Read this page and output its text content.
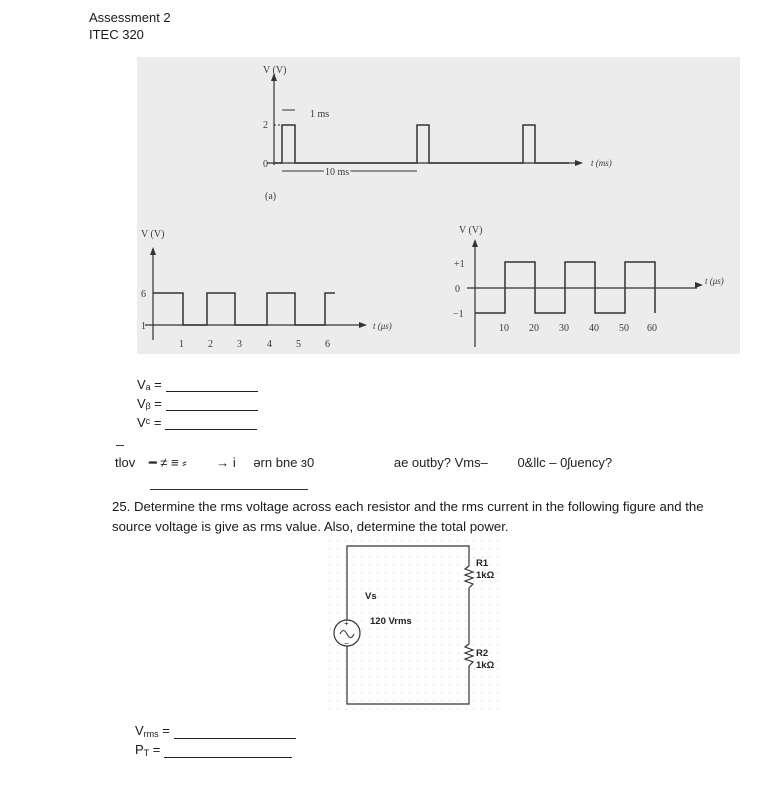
Assessment 2
ITEC 320
V (V)
2
0
1 ms
10 ms
t (ms)
(a)
V (V)
6
1
1 2 3	4 5 6
t (μs)
V (V)
+1
0
−1
10 20 30 40 50 60
t (μs)
Vₐ =
Vᵦ =
Vᶜ =
tlov ━ ≠ ≡ ⸗ → i ərn bne ɜ0	ae outby? Vms– 0&llc – 0ʃuency?
25. Determine the rms voltage across each resistor and the rms current in the following figure and the source voltage is give as rms value. Also, determine the total power.
+
−
R1
1kΩ
Vs
120 Vrms
R2
1kΩ
$V_{rms}$ =
$P_T$ =
